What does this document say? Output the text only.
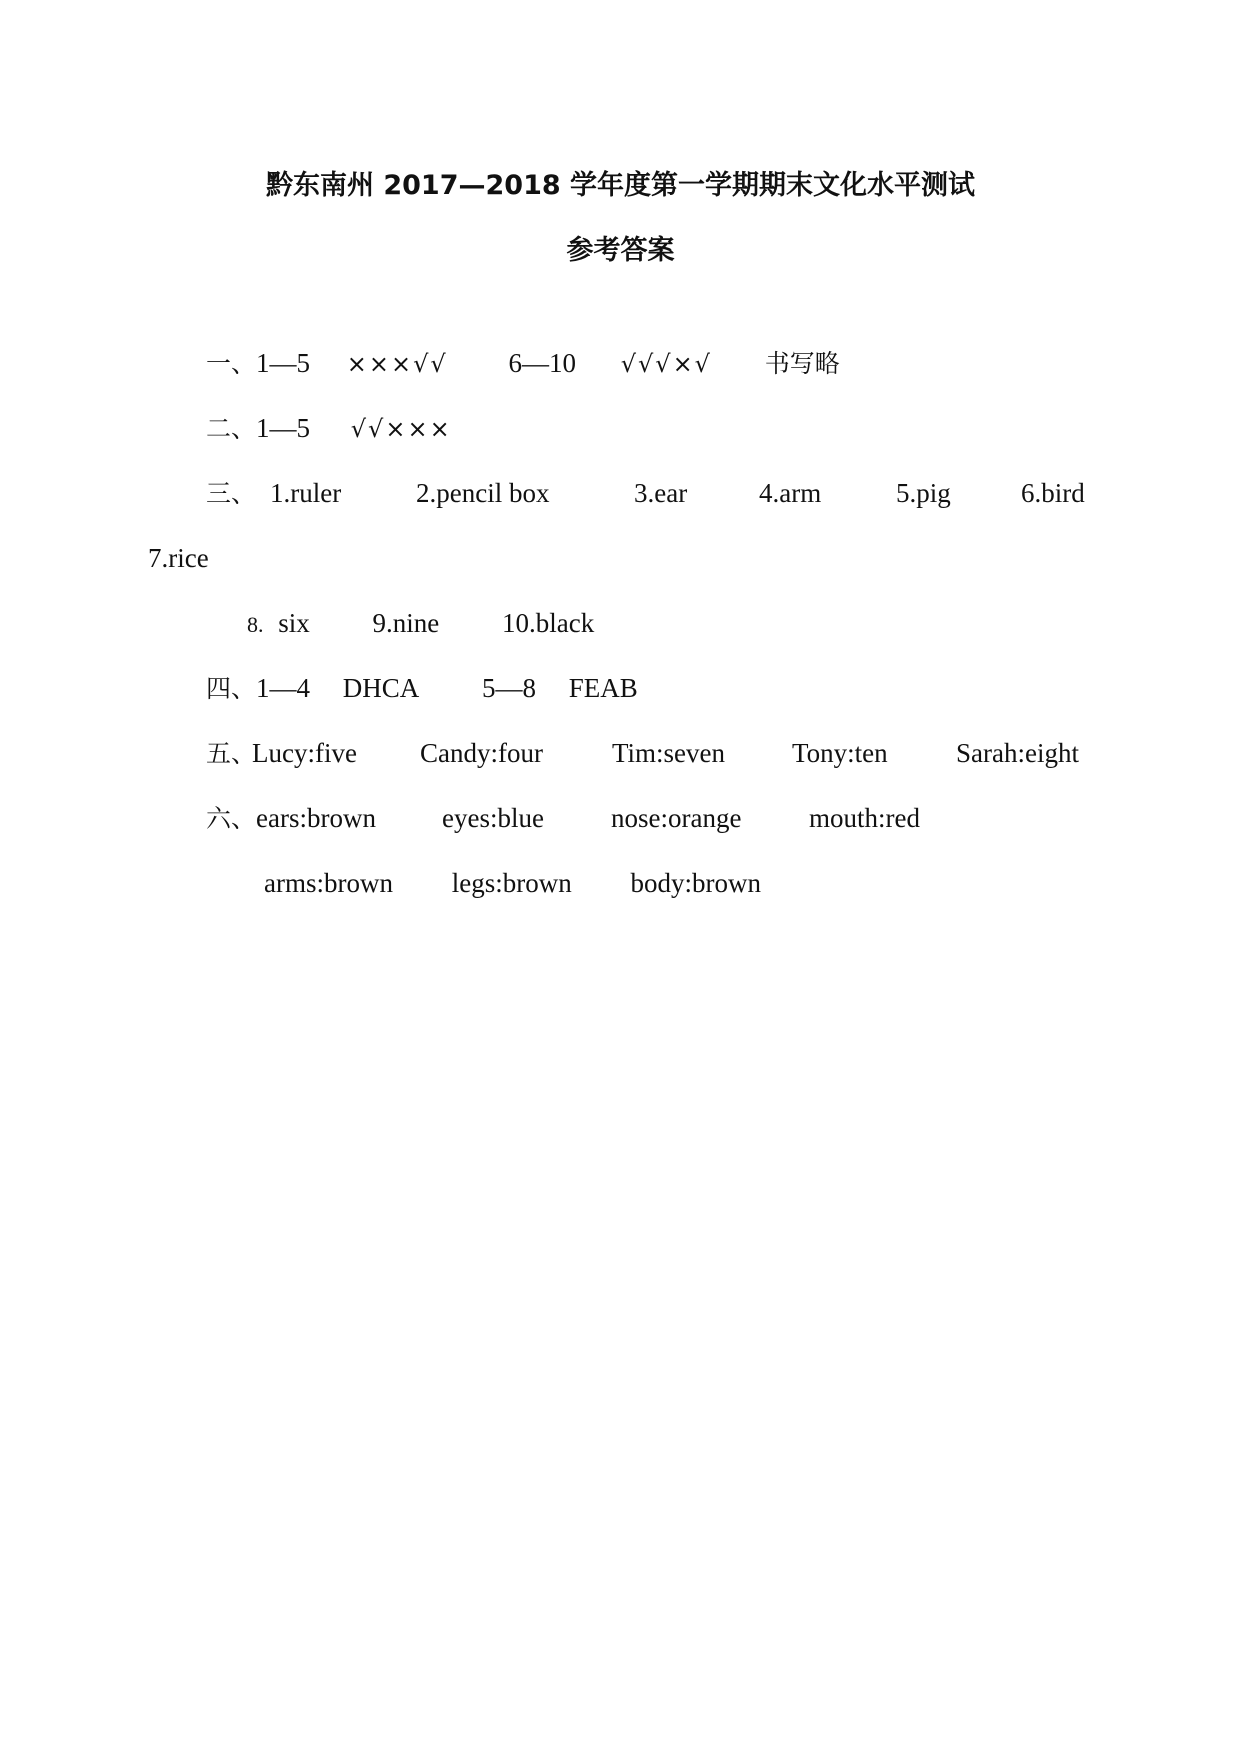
黔东南州 2017—2018 学年度第一学期期末文化水平测试
参考答案
一、1—5 ×××√√ 6—10 √√√×√ 书写略
二、1—5 √√×××
三、 1.ruler	2.pencil box	3.ear	4.arm	5.pig	6.bird
7.rice
8. six 9.nine 10.black
四、1—4 DHCA 5—8 FEAB
五、
Lucy:five Candy:four	Tim:seven Tony:ten	Sarah:eight
六、 ears:brown eyes:blue nose:orange	mouth:red
arms:brown legs:brown body:brown
